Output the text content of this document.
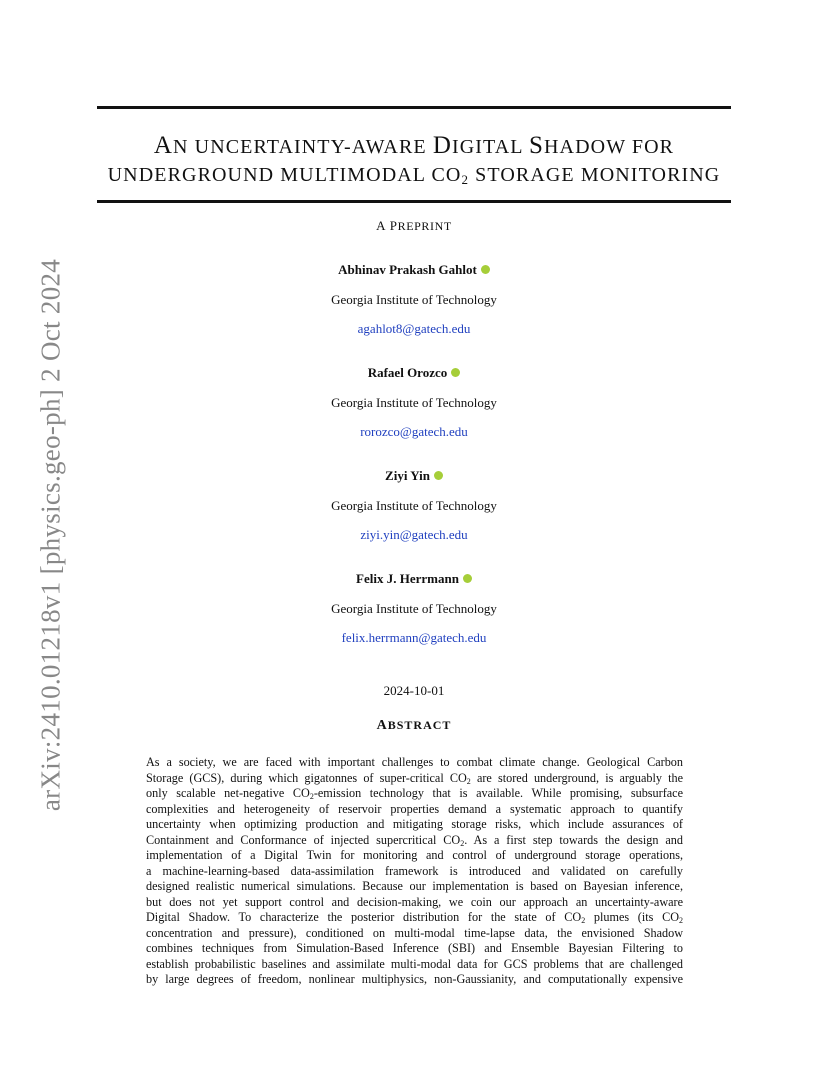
arXiv:2410.01218v1 [physics.geo-ph] 2 Oct 2024
AN UNCERTAINTY-AWARE DIGITAL SHADOW FOR
UNDERGROUND MULTIMODAL $CO_2$ STORAGE MONITORING
A PREPRINT
Abhinav Prakash Gahlot
Georgia Institute of Technology
agahlot8@gatech.edu
Rafael Orozco
Georgia Institute of Technology
rorozco@gatech.edu
Ziyi Yin
Georgia Institute of Technology
ziyi.yin@gatech.edu
Felix J. Herrmann
Georgia Institute of Technology
felix.herrmann@gatech.edu
2024-10-01
ABSTRACT
As a society, we are faced with important challenges to combat climate change. Geological Carbon
Storage (GCS), during which gigatonnes of super-critical $CO_2$ are stored underground, is arguably the
only scalable net-negative $CO_2$-emission technology that is available. While promising, subsurface
complexities and heterogeneity of reservoir properties demand a systematic approach to quantify
uncertainty when optimizing production and mitigating storage risks, which include assurances of
Containment and Conformance of injected supercritical $CO_2$. As a first step towards the design and
implementation of a Digital Twin for monitoring and control of underground storage operations,
a machine-learning-based data-assimilation framework is introduced and validated on carefully
designed realistic numerical simulations. Because our implementation is based on Bayesian inference,
but does not yet support control and decision-making, we coin our approach an uncertainty-aware
Digital Shadow. To characterize the posterior distribution for the state of $CO_2$ plumes (its $CO_2$
concentration and pressure), conditioned on multi-modal time-lapse data, the envisioned Shadow
combines techniques from Simulation-Based Inference (SBI) and Ensemble Bayesian Filtering to
establish probabilistic baselines and assimilate multi-modal data for GCS problems that are challenged
by large degrees of freedom, nonlinear multiphysics, non-Gaussianity, and computationally expensive
